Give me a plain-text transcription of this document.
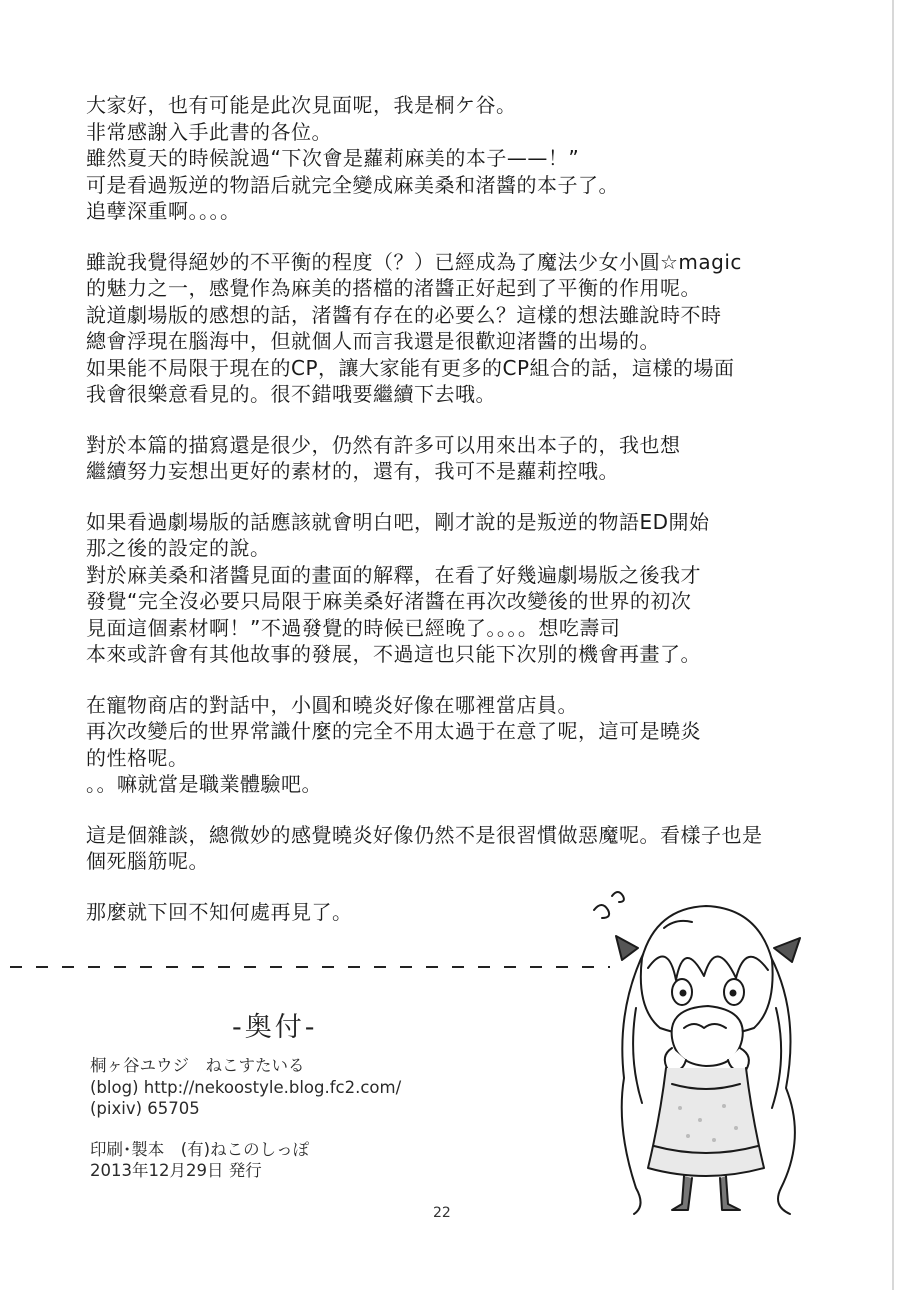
大家好，也有可能是此次見面呢，我是桐ケ谷。
非常感謝入手此書的各位。
雖然夏天的時候說過“下次會是蘿莉麻美的本子——！”
可是看過叛逆的物語后就完全變成麻美桑和渚醬的本子了。
追孽深重啊。。。。
雖說我覺得絕妙的不平衡的程度（？）已經成為了魔法少女小圓☆magic
的魅力之一，感覺作為麻美的搭檔的渚醬正好起到了平衡的作用呢。
說道劇場版的感想的話，渚醬有存在的必要么？這樣的想法雖說時不時
總會浮現在腦海中，但就個人而言我還是很歡迎渚醬的出場的。
如果能不局限于現在的CP，讓大家能有更多的CP組合的話，這樣的場面
我會很樂意看見的。很不錯哦要繼續下去哦。
對於本篇的描寫還是很少，仍然有許多可以用來出本子的，我也想
繼續努力妄想出更好的素材的，還有，我可不是蘿莉控哦。
如果看過劇場版的話應該就會明白吧，剛才說的是叛逆的物語ED開始
那之後的設定的說。
對於麻美桑和渚醬見面的畫面的解釋，在看了好幾遍劇場版之後我才
發覺“完全沒必要只局限于麻美桑好渚醬在再次改變後的世界的初次
見面這個素材啊！”不過發覺的時候已經晚了。。。。想吃壽司
本來或許會有其他故事的發展，不過這也只能下次別的機會再畫了。
在寵物商店的對話中，小圓和曉炎好像在哪裡當店員。
再次改變后的世界常識什麼的完全不用太過于在意了呢，這可是曉炎
的性格呢。
。。嘛就當是職業體驗吧。
這是個雜談，總微妙的感覺曉炎好像仍然不是很習慣做惡魔呢。看樣子也是
個死腦筋呢。
那麼就下回不知何處再見了。
-奥付-
桐ヶ谷ユウジ　ねこすたいる
(blog) http://nekoostyle.blog.fc2.com/
(pixiv) 65705
印刷･製本　(有)ねこのしっぽ
2013年12月29日 発行
22
